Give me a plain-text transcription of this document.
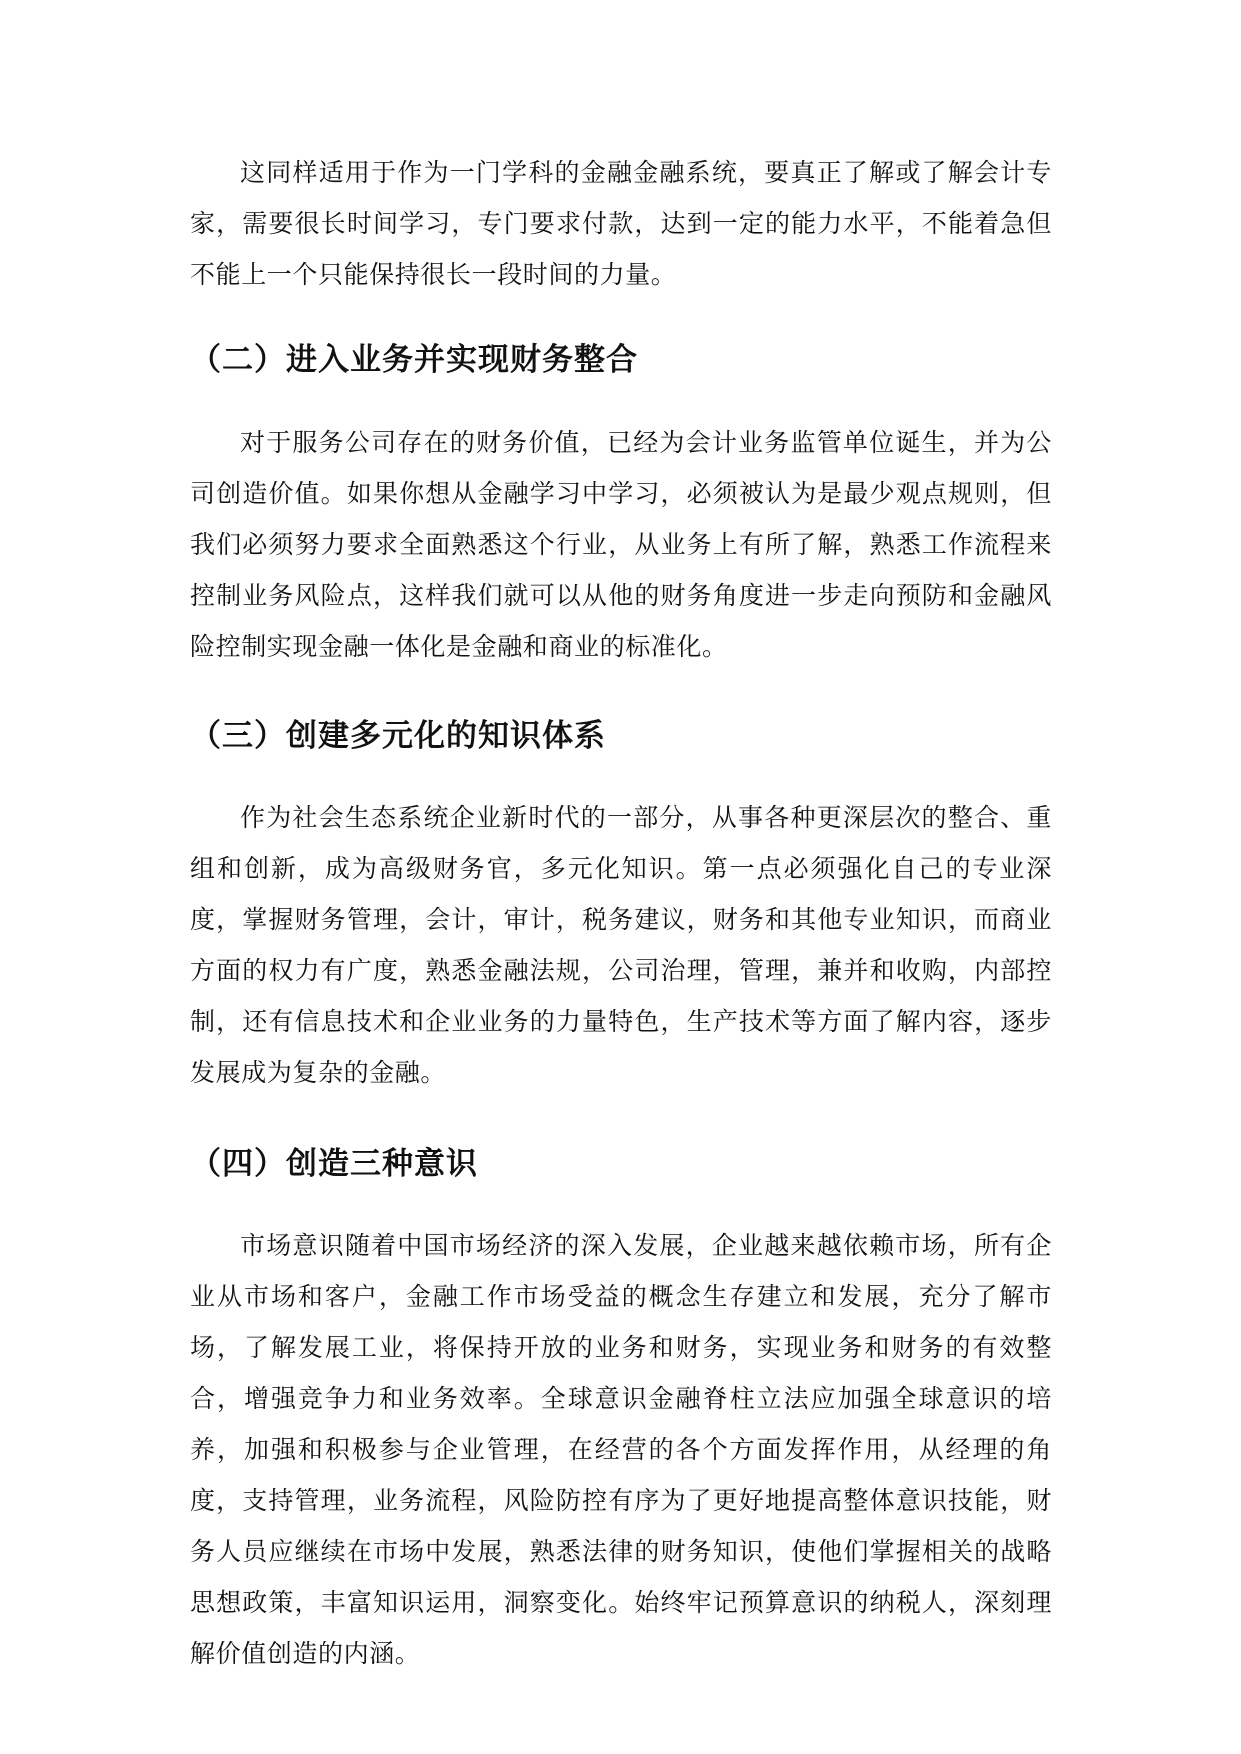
这同样适用于作为一门学科的金融金融系统，要真正了解或了解会计专家，需要很长时间学习，专门要求付款，达到一定的能力水平，不能着急但不能上一个只能保持很长一段时间的力量。

（二）进入业务并实现财务整合

对于服务公司存在的财务价值，已经为会计业务监管单位诞生，并为公司创造价值。如果你想从金融学习中学习，必须被认为是最少观点规则，但我们必须努力要求全面熟悉这个行业，从业务上有所了解，熟悉工作流程来控制业务风险点，这样我们就可以从他的财务角度进一步走向预防和金融风险控制实现金融一体化是金融和商业的标准化。

（三）创建多元化的知识体系

作为社会生态系统企业新时代的一部分，从事各种更深层次的整合、重组和创新，成为高级财务官，多元化知识。第一点必须强化自己的专业深度，掌握财务管理，会计，审计，税务建议，财务和其他专业知识，而商业方面的权力有广度，熟悉金融法规，公司治理，管理，兼并和收购，内部控制，还有信息技术和企业业务的力量特色，生产技术等方面了解内容，逐步发展成为复杂的金融。

（四）创造三种意识

市场意识随着中国市场经济的深入发展，企业越来越依赖市场，所有企业从市场和客户，金融工作市场受益的概念生存建立和发展，充分了解市场，了解发展工业，将保持开放的业务和财务，实现业务和财务的有效整合，增强竞争力和业务效率。全球意识金融脊柱立法应加强全球意识的培养，加强和积极参与企业管理，在经营的各个方面发挥作用，从经理的角度，支持管理，业务流程，风险防控有序为了更好地提高整体意识技能，财务人员应继续在市场中发展，熟悉法律的财务知识，使他们掌握相关的战略思想政策，丰富知识运用，洞察变化。始终牢记预算意识的纳税人，深刻理解价值创造的内涵。
